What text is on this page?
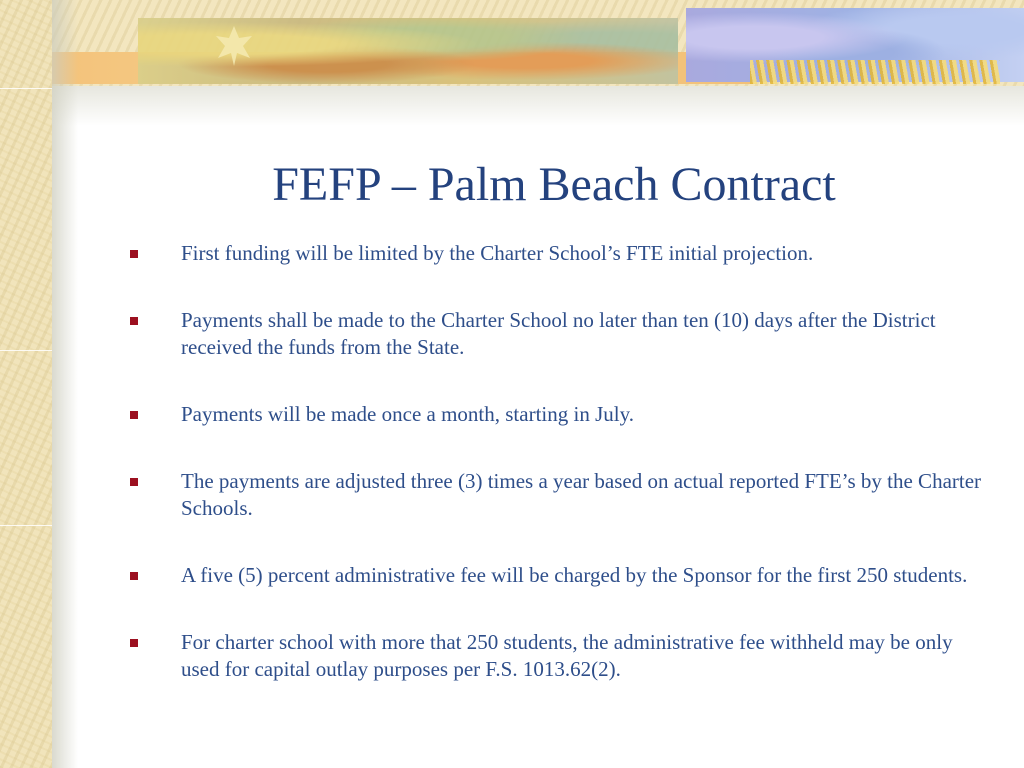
FEFP – Palm Beach Contract
First funding will be limited by the Charter School’s FTE initial projection.
Payments shall be made to the Charter School no later than ten (10) days after the District received the funds from the State.
Payments will be made once a month, starting in July.
The payments are adjusted three (3) times a year based on actual reported FTE’s by the Charter Schools.
A five (5) percent administrative fee will be charged by the Sponsor for the first 250 students.
For charter school with more that 250 students, the administrative fee withheld may be only used for capital outlay purposes per F.S. 1013.62(2).
